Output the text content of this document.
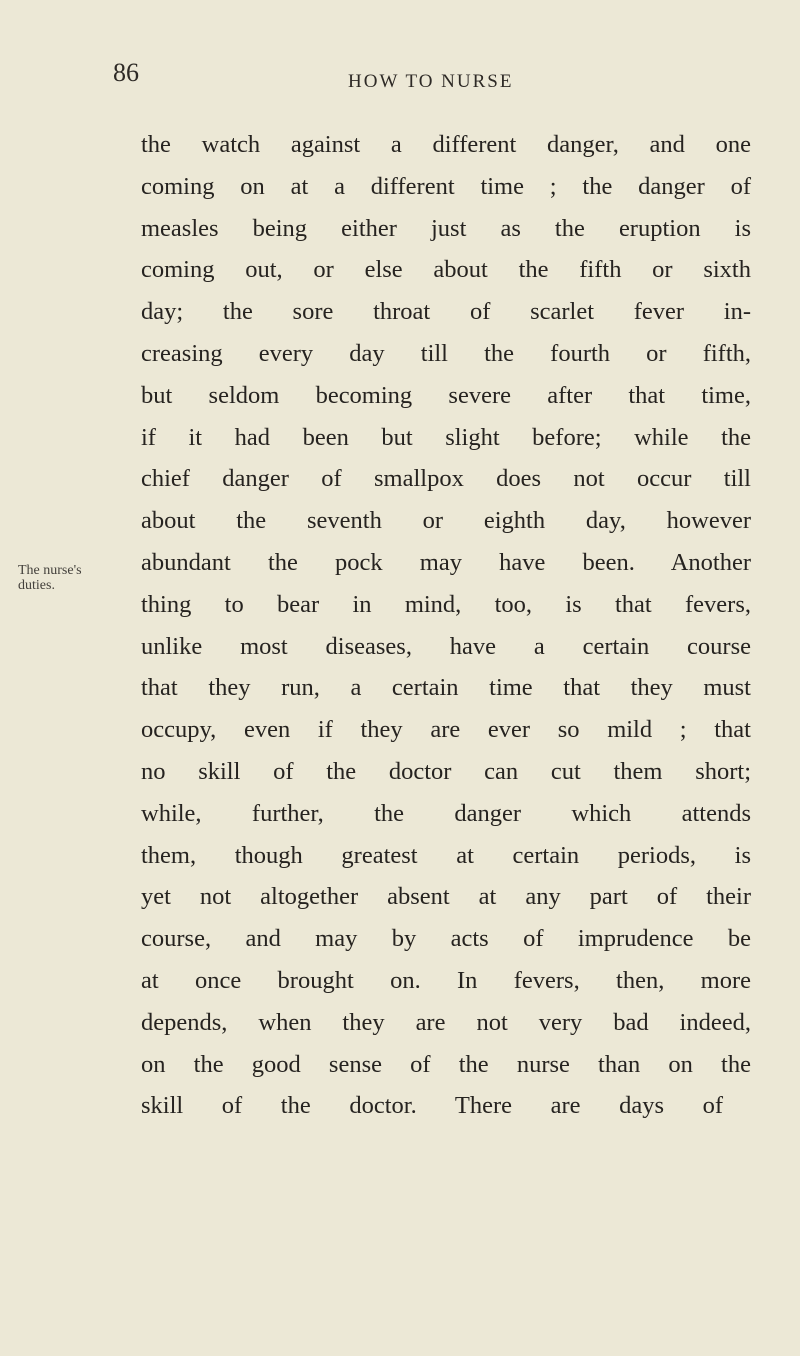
86	HOW TO NURSE
The nurse's
duties.
the watch against a different danger, and one
coming on at a different time ; the danger of
measles being either just as the eruption is
coming out, or else about the fifth or sixth
day; the sore throat of scarlet fever in-
creasing every day till the fourth or fifth,
but seldom becoming severe after that time,
if it had been but slight before; while the
chief danger of smallpox does not occur till
about the seventh or eighth day, however
abundant the pock may have been. Another
thing to bear in mind, too, is that fevers,
unlike most diseases, have a certain course
that they run, a certain time that they must
occupy, even if they are ever so mild ; that
no skill of the doctor can cut them short;
while, further, the danger which attends
them, though greatest at certain periods, is
yet not altogether absent at any part of their
course, and may by acts of imprudence be
at once brought on. In fevers, then, more
depends, when they are not very bad indeed,
on the good sense of the nurse than on the
skill of the doctor. There are days of
